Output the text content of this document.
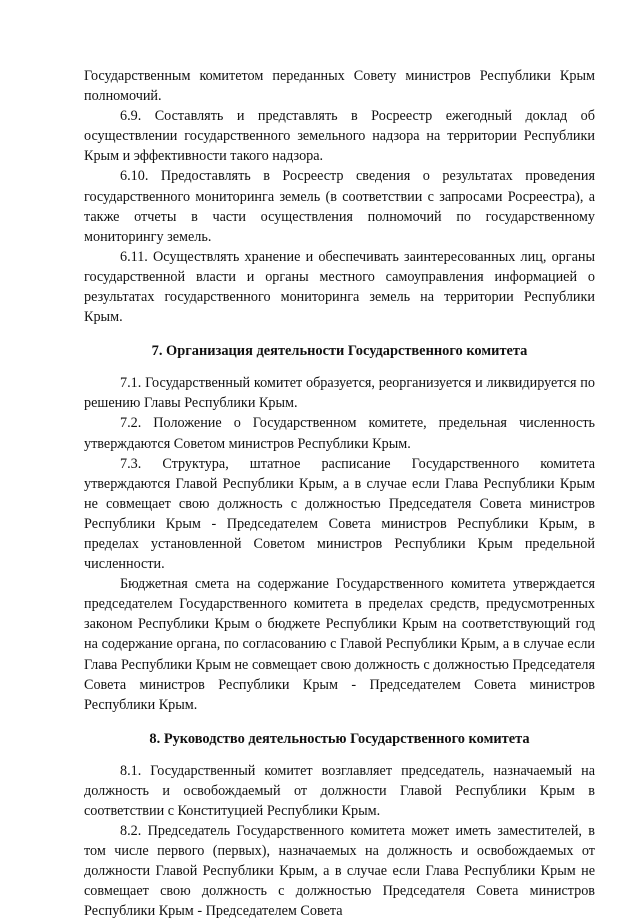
Государственным комитетом переданных Совету министров Республики Крым полномочий.

6.9. Составлять и представлять в Росреестр ежегодный доклад об осуществлении государственного земельного надзора на территории Республики Крым и эффективности такого надзора.

6.10. Предоставлять в Росреестр сведения о результатах проведения государственного мониторинга земель (в соответствии с запросами Росреестра), а также отчеты в части осуществления полномочий по государственному мониторингу земель.

6.11. Осуществлять хранение и обеспечивать заинтересованных лиц, органы государственной власти и органы местного самоуправления информацией о результатах государственного мониторинга земель на территории Республики Крым.

7. Организация деятельности Государственного комитета

7.1. Государственный комитет образуется, реорганизуется и ликвидируется по решению Главы Республики Крым.

7.2. Положение о Государственном комитете, предельная численность утверждаются Советом министров Республики Крым.

7.3. Структура, штатное расписание Государственного комитета утверждаются Главой Республики Крым, а в случае если Глава Республики Крым не совмещает свою должность с должностью Председателя Совета министров Республики Крым - Председателем Совета министров Республики Крым, в пределах установленной Советом министров Республики Крым предельной численности.

Бюджетная смета на содержание Государственного комитета утверждается председателем Государственного комитета в пределах средств, предусмотренных законом Республики Крым о бюджете Республики Крым на соответствующий год на содержание органа, по согласованию с Главой Республики Крым, а в случае если Глава Республики Крым не совмещает свою должность с должностью Председателя Совета министров Республики Крым - Председателем Совета министров Республики Крым.

8. Руководство деятельностью Государственного комитета

8.1. Государственный комитет возглавляет председатель, назначаемый на должность и освобождаемый от должности Главой Республики Крым в соответствии с Конституцией Республики Крым.

8.2. Председатель Государственного комитета может иметь заместителей, в том числе первого (первых), назначаемых на должность и освобождаемых от должности Главой Республики Крым, а в случае если Глава Республики Крым не совмещает свою должность с должностью Председателя Совета министров Республики Крым - Председателем Совета
